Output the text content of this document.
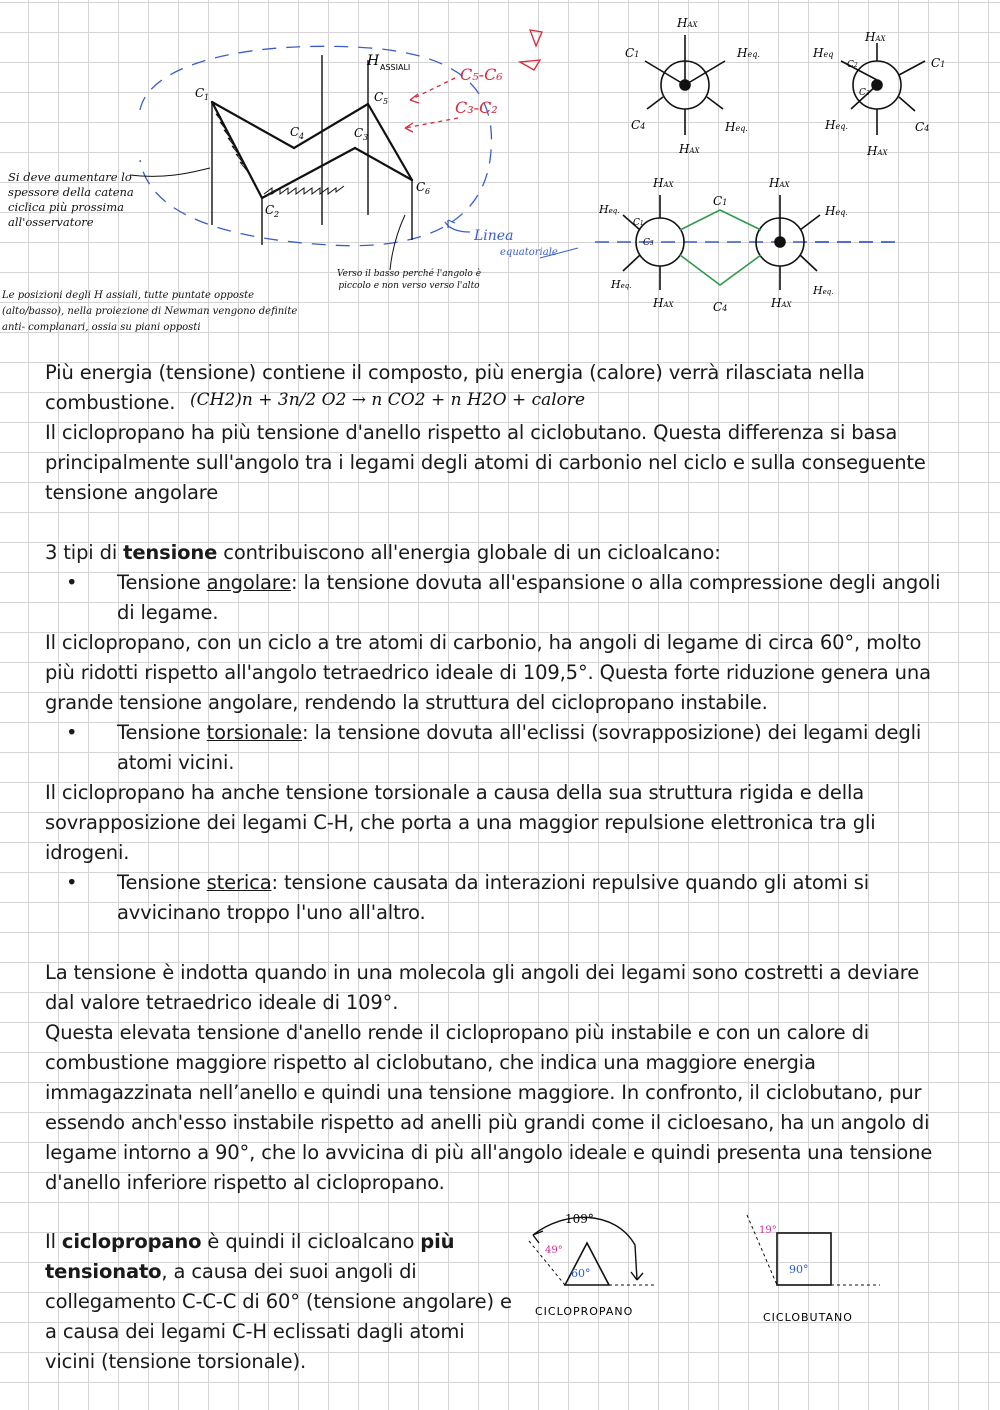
C 1
C 4	C 3
C 5
C 6
C 2
H ASSIALI	C₅-C₆
C₃-C₂
Linea
equatoriale
Si deve aumentare lo spessore della catena ciclica più prossima all'osservatore
Verso il basso perché l'angolo è piccolo e non verso verso l'alto
Le posizioni degli H assiali, tutte puntate opposte (alto/basso), nella proiezione di Newman vengono definite anti- complanari, ossia su piani opposti
HAX
C1	Heq.
C4	Heq.
HAX
HAX
Heq
C2
C3
C1
Heq.	C4
HAX
HAX
Heq.
C1
C3
Heq.
HAX
C1
C4
HAX
Heq.
Heq.
HAX

Più energia (tensione) contiene il composto, più energia (calore) verrà rilasciata nella

combustione.

Il ciclopropano ha più tensione d'anello rispetto al ciclobutano. Questa differenza si basa principalmente sull'angolo tra i legami degli atomi di carbonio nel ciclo e sulla conseguente tensione angolare

3 tipi di tensione contribuiscono all'energia globale di un cicloalcano:

• Tensione angolare: la tensione dovuta all'espansione o alla compressione degli angoli di legame.

Il ciclopropano, con un ciclo a tre atomi di carbonio, ha angoli di legame di circa 60°, molto più ridotti rispetto all'angolo tetraedrico ideale di 109,5°. Questa forte riduzione genera una grande tensione angolare, rendendo la struttura del ciclopropano instabile.

• Tensione torsionale: la tensione dovuta all'eclissi (sovrapposizione) dei legami degli atomi vicini.

Il ciclopropano ha anche tensione torsionale a causa della sua struttura rigida e della sovrapposizione dei legami C-H, che porta a una maggior repulsione elettronica tra gli idrogeni.

• Tensione sterica: tensione causata da interazioni repulsive quando gli atomi si avvicinano troppo l'uno all'altro.

La tensione è indotta quando in una molecola gli angoli dei legami sono costretti a deviare dal valore tetraedrico ideale di 109°.

Questa elevata tensione d'anello rende il ciclopropano più instabile e con un calore di combustione maggiore rispetto al ciclobutano, che indica una maggiore energia immagazzinata nell’anello e quindi una tensione maggiore. In confronto, il ciclobutano, pur essendo anch'esso instabile rispetto ad anelli più grandi come il cicloesano, ha un angolo di legame intorno a 90°, che lo avvicina di più all'angolo ideale e quindi presenta una tensione d'anello inferiore rispetto al ciclopropano.

(CH2)n + 3n/2 O2 → n CO2 + n H2O + calore

Il ciclopropano è quindi il cicloalcano più tensionato, a causa dei suoi angoli di collegamento C-C-C di 60° (tensione angolare) e a causa dei legami C-H eclissati dagli atomi vicini (tensione torsionale).

109°
49°
60°
CICLOPROPANO
19°
90°
CICLOBUTANO
